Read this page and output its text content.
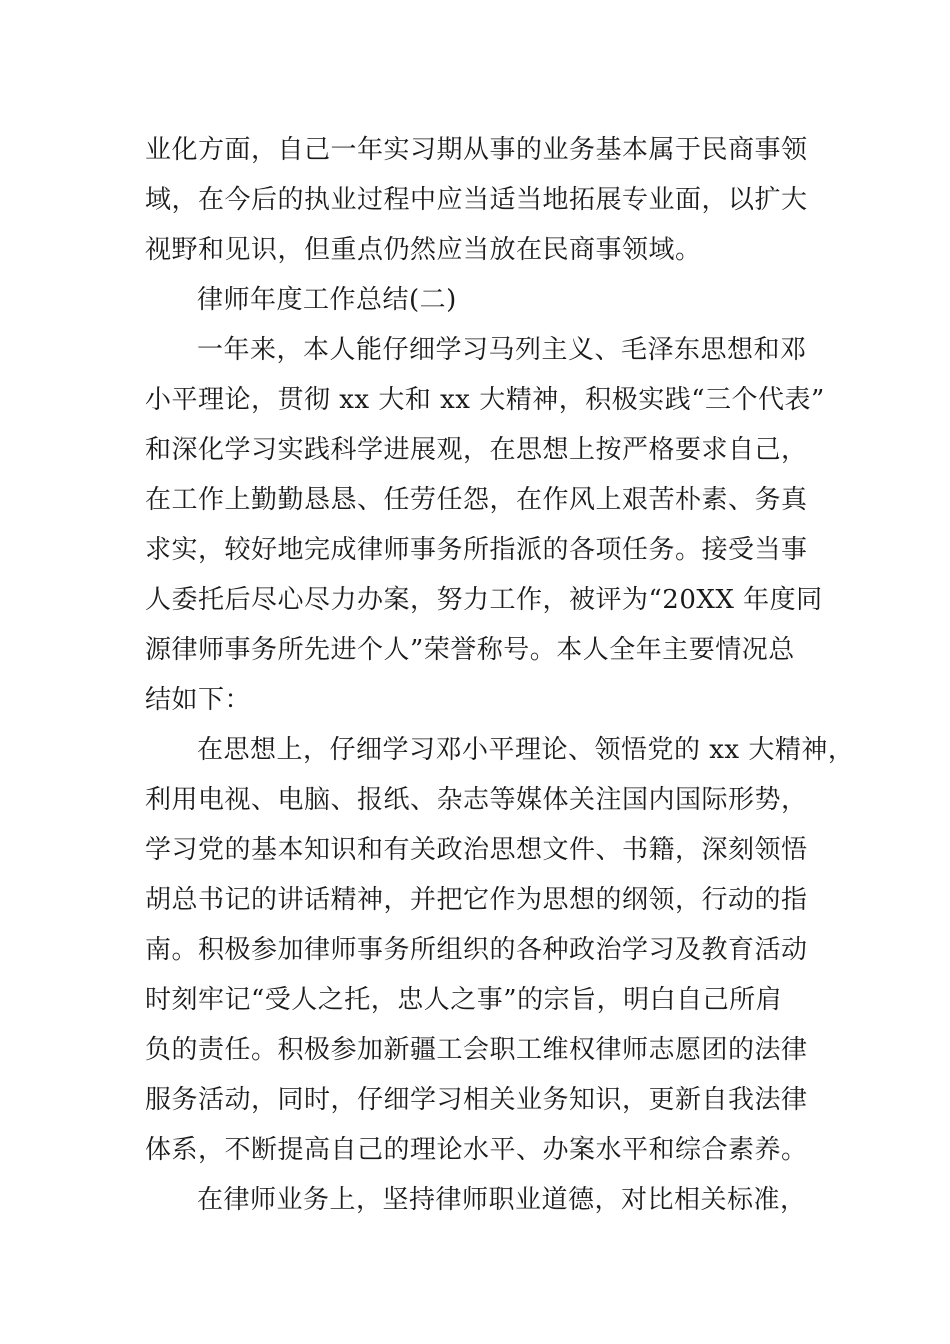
业化方面，自己一年实习期从事的业务基本属于民商事领
域，在今后的执业过程中应当适当地拓展专业面，以扩大
视野和见识，但重点仍然应当放在民商事领域。
律师年度工作总结(二)
一年来，本人能仔细学习马列主义、毛泽东思想和邓
小平理论，贯彻 xx 大和 xx 大精神，积极实践“三个代表”
和深化学习实践科学进展观，在思想上按严格要求自己，
在工作上勤勤恳恳、任劳任怨，在作风上艰苦朴素、务真
求实，较好地完成律师事务所指派的各项任务。接受当事
人委托后尽心尽力办案，努力工作，被评为“20XX 年度同
源律师事务所先进个人”荣誉称号。本人全年主要情况总
结如下：
在思想上，仔细学习邓小平理论、领悟党的 xx 大精神，
利用电视、电脑、报纸、杂志等媒体关注国内国际形势，
学习党的基本知识和有关政治思想文件、书籍，深刻领悟
胡总书记的讲话精神，并把它作为思想的纲领，行动的指
南。积极参加律师事务所组织的各种政治学习及教育活动
时刻牢记“受人之托，忠人之事”的宗旨，明白自己所肩
负的责任。积极参加新疆工会职工维权律师志愿团的法律
服务活动，同时，仔细学习相关业务知识，更新自我法律
体系，不断提高自己的理论水平、办案水平和综合素养。
在律师业务上，坚持律师职业道德，对比相关标准，
